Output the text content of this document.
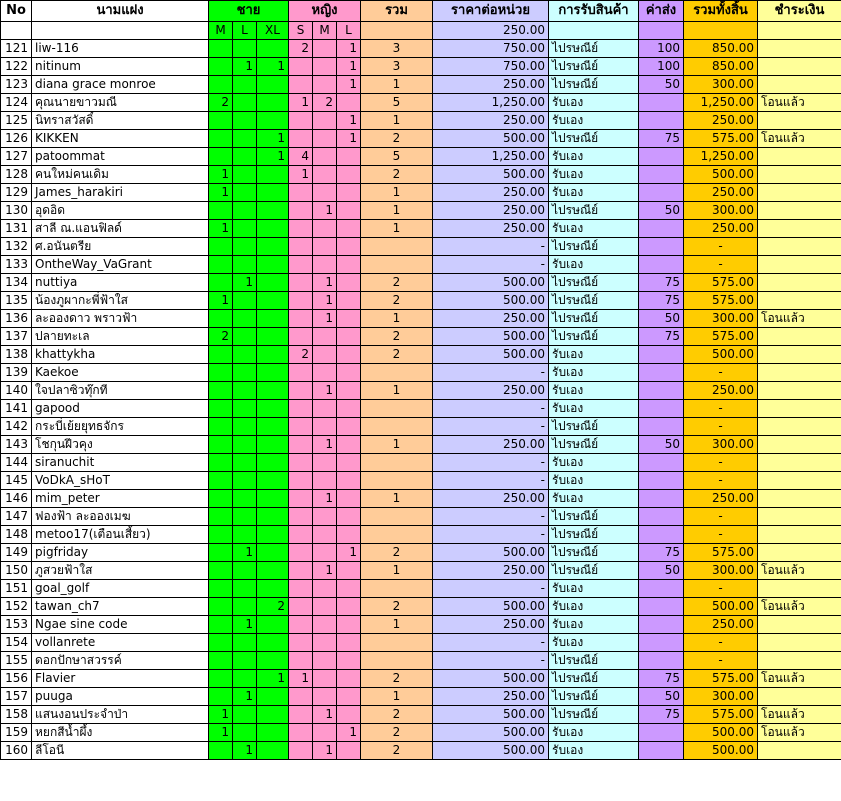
No	นามแฝง	ชาย			หญิง			รวม	ราคาต่อหน่วย	การรับสินค้า	ค่าส่ง	รวมทั้งสิ้น	ชำระเงิน
		M	L	XL	S	M	L		250.00				
121	liw-116				2		1	3	750.00	ไปรษณีย์	100	850.00	
122	nitinum		1	1			1	3	750.00	ไปรษณีย์	100	850.00	
123	diana grace monroe						1	1	250.00	ไปรษณีย์	50	300.00	
124	คุณนายขาวมณี	2			1	2		5	1,250.00	รับเอง		1,250.00	โอนแล้ว
125	นิทราสวัสดิ์						1	1	250.00	รับเอง		250.00	
126	KIKKEN			1			1	2	500.00	ไปรษณีย์	75	575.00	โอนแล้ว
127	patoommat			1	4			5	1,250.00	รับเอง		1,250.00	
128	คนใหม่คนเดิม	1			1			2	500.00	รับเอง		500.00	
129	James_harakiri	1						1	250.00	รับเอง		250.00	
130	อุดอิด					1		1	250.00	ไปรษณีย์	50	300.00	
131	สาลี ณ.แอนฟิลด์	1						1	250.00	รับเอง		250.00	
132	ศ.อนันตรีย								-	ไปรษณีย์		-	
133	OntheWay_VaGrant								-	รับเอง		-	
134	nuttiya		1			1		2	500.00	ไปรษณีย์	75	575.00	
135	น้องภูผากะพี่ฟ้าใส	1				1		2	500.00	ไปรษณีย์	75	575.00	
136	ละอองดาว พราวฟ้า					1		1	250.00	ไปรษณีย์	50	300.00	โอนแล้ว
137	ปลายทะเล	2						2	500.00	ไปรษณีย์	75	575.00	
138	khattykha				2			2	500.00	รับเอง		500.00	
139	Kaekoe								-	รับเอง		-	
140	ใจปลาซิวทุ๊กที					1		1	250.00	รับเอง		250.00	
141	gapood								-	รับเอง		-	
142	กระบี่เย้ยยุทธจักร								-	ไปรษณีย์		-	
143	โชกุนฝีวคุง					1		1	250.00	ไปรษณีย์	50	300.00	
144	siranuchit								-	รับเอง		-	
145	VoDkA_sHoT								-	รับเอง		-	
146	mim_peter					1		1	250.00	รับเอง		250.00	
147	ฟองฟ้า ละอองเมฆ								-	ไปรษณีย์		-	
148	metoo17(เตือนเสี้ยว)								-	ไปรษณีย์		-	
149	pigfriday		1				1	2	500.00	ไปรษณีย์	75	575.00	
150	ภูสวยฟ้าใส					1		1	250.00	ไปรษณีย์	50	300.00	โอนแล้ว
151	goal_golf								-	รับเอง		-	
152	tawan_ch7			2				2	500.00	รับเอง		500.00	โอนแล้ว
153	Ngae sine code		1					1	250.00	รับเอง		250.00	
154	vollanrete								-	รับเอง		-	
155	ดอกปักษาสวรรค์								-	ไปรษณีย์		-	
156	Flavier			1	1			2	500.00	ไปรษณีย์	75	575.00	โอนแล้ว
157	puuga		1					1	250.00	ไปรษณีย์	50	300.00	
158	แสนงอนประจำป่า	1				1		2	500.00	ไปรษณีย์	75	575.00	โอนแล้ว
159	หยกสีน้ำผึ้ง	1					1	2	500.00	รับเอง		500.00	โอนแล้ว
160	ลีโอนี		1			1		2	500.00	รับเอง		500.00	
